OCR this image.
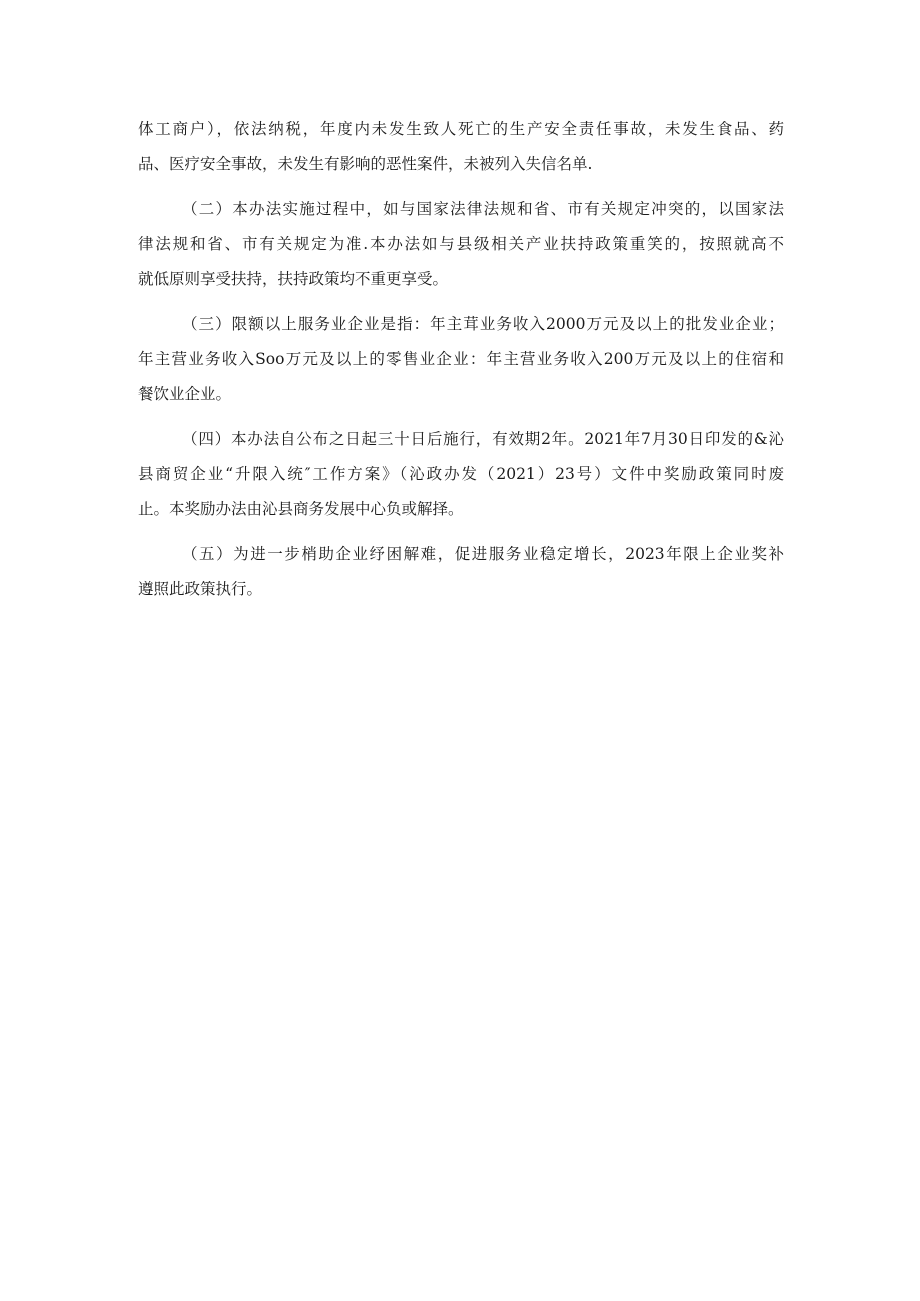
体工商户），依法纳税，年度内未发生致人死亡的生产安全责任事故，未发生食品、药
品、医疗安全事故，未发生有影响的恶性案件，未被列入失信名单.
（二）本办法实施过程中，如与国家法律法规和省、市有关规定冲突的，以国家法
律法规和省、市有关规定为准.本办法如与县级相关产业扶持政策重笑的，按照就高不
就低原则享受扶持，扶持政策均不重更享受。
（三）限额以上服务业企业是指：年主茸业务收入2000万元及以上的批发业企业；
年主营业务收入Soo万元及以上的零售业企业：年主营业务收入200万元及以上的住宿和
餐饮业企业。
（四）本办法自公布之日起三十日后施行，有效期2年。2021年7月30日印发的&沁
县商贸企业“升限入统″工作方案》（沁政办发（2021）23号）文件中奖励政策同时废
止。本奖励办法由沁县商务发展中心负或解择。
（五）为进一步梢助企业纾困解难，促进服务业稳定增长，2023年限上企业奖补
遵照此政策执行。
